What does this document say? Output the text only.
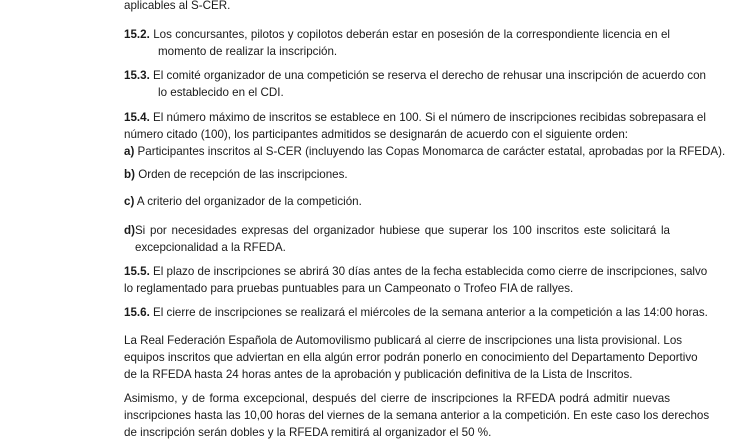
aplicables al S-CER.
15.2. Los concursantes, pilotos y copilotos deberán estar en posesión de la correspondiente licencia en el
momento de realizar la inscripción.
15.3. El comité organizador de una competición se reserva el derecho de rehusar una inscripción de acuerdo con
lo establecido en el CDI.
15.4. El número máximo de inscritos se establece en 100. Si el número de inscripciones recibidas sobrepasara el
número citado (100), los participantes admitidos se designarán de acuerdo con el siguiente orden:
a) Participantes inscritos al S-CER (incluyendo las Copas Monomarca de carácter estatal, aprobadas por la RFEDA).
b) Orden de recepción de las inscripciones.
c) A criterio del organizador de la competición.
d)Si por necesidades expresas del organizador hubiese que superar los 100 inscritos este solicitará la
excepcionalidad a la RFEDA.
15.5. El plazo de inscripciones se abrirá 30 días antes de la fecha establecida como cierre de inscripciones, salvo
lo reglamentado para pruebas puntuables para un Campeonato o Trofeo FIA de rallyes.
15.6. El cierre de inscripciones se realizará el miércoles de la semana anterior a la competición a las 14:00 horas.
La Real Federación Española de Automovilismo publicará al cierre de inscripciones una lista provisional. Los
equipos inscritos que adviertan en ella algún error podrán ponerlo en conocimiento del Departamento Deportivo
de la RFEDA hasta 24 horas antes de la aprobación y publicación definitiva de la Lista de Inscritos.
Asimismo, y de forma excepcional, después del cierre de inscripciones la RFEDA podrá admitir nuevas
inscripciones hasta las 10,00 horas del viernes de la semana anterior a la competición. En este caso los derechos
de inscripción serán dobles y la RFEDA remitirá al organizador el 50 %.
